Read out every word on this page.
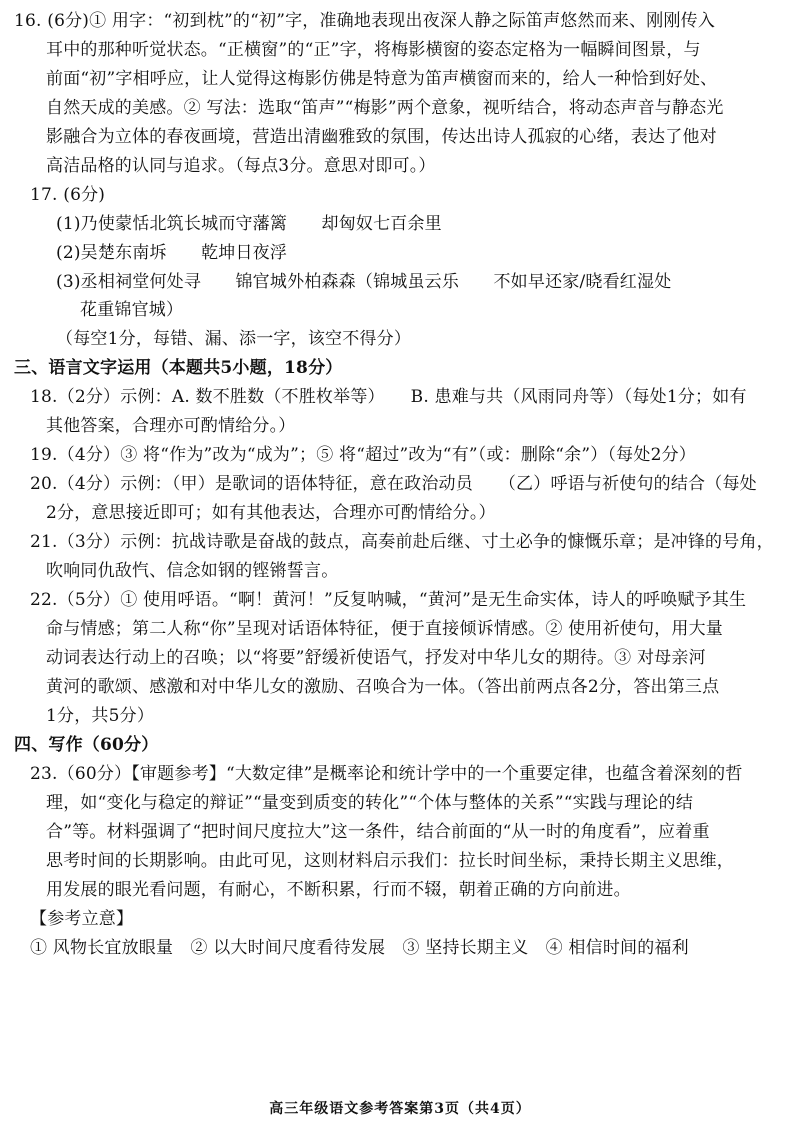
16. (6分)① 用字：“初到枕”的“初”字，准确地表现出夜深人静之际笛声悠然而来、刚刚传入
耳中的那种听觉状态。“正横窗”的“正”字，将梅影横窗的姿态定格为一幅瞬间图景，与
前面“初”字相呼应，让人觉得这梅影仿佛是特意为笛声横窗而来的，给人一种恰到好处、
自然天成的美感。② 写法：选取“笛声”“梅影”两个意象，视听结合，将动态声音与静态光
影融合为立体的春夜画境，营造出清幽雅致的氛围，传达出诗人孤寂的心绪，表达了他对
高洁品格的认同与追求。（每点3分。意思对即可。）
17. (6分)
(1)乃使蒙恬北筑长城而守藩篱　　却匈奴七百余里
(2)吴楚东南坼　　乾坤日夜浮
(3)丞相祠堂何处寻　　锦官城外柏森森（锦城虽云乐　　不如早还家/晓看红湿处
花重锦官城）
（每空1分，每错、漏、添一字，该空不得分）
三、语言文字运用（本题共5小题，18分）
18.（2分）示例：A. 数不胜数（不胜枚举等）　　B. 患难与共（风雨同舟等）（每处1分；如有
其他答案，合理亦可酌情给分。）
19.（4分）③ 将“作为”改为“成为”；⑤ 将“超过”改为“有”（或：删除“余”）（每处2分）
20.（4分）示例：（甲）是歌词的语体特征，意在政治动员　　（乙）呼语与祈使句的结合（每处
2分，意思接近即可；如有其他表达，合理亦可酌情给分。）
21.（3分）示例：抗战诗歌是奋战的鼓点，高奏前赴后继、寸土必争的慷慨乐章；是冲锋的号角，
吹响同仇敌忾、信念如钢的铿锵誓言。
22.（5分）① 使用呼语。“啊！黄河！”反复呐喊，“黄河”是无生命实体，诗人的呼唤赋予其生
命与情感；第二人称“你”呈现对话语体特征，便于直接倾诉情感。② 使用祈使句，用大量
动词表达行动上的召唤；以“将要”舒缓祈使语气，抒发对中华儿女的期待。③ 对母亲河
黄河的歌颂、感激和对中华儿女的激励、召唤合为一体。（答出前两点各2分，答出第三点
1分，共5分）
四、写作（60分）
23.（60分）【审题参考】“大数定律”是概率论和统计学中的一个重要定律，也蕴含着深刻的哲
理，如“变化与稳定的辩证”“量变到质变的转化”“个体与整体的关系”“实践与理论的结
合”等。材料强调了“把时间尺度拉大”这一条件，结合前面的“从一时的角度看”，应着重
思考时间的长期影响。由此可见，这则材料启示我们：拉长时间坐标，秉持长期主义思维，
用发展的眼光看问题，有耐心，不断积累，行而不辍，朝着正确的方向前进。
【参考立意】
① 风物长宜放眼量　② 以大时间尺度看待发展　③ 坚持长期主义　④ 相信时间的福利
高三年级语文参考答案第3页（共4页）
